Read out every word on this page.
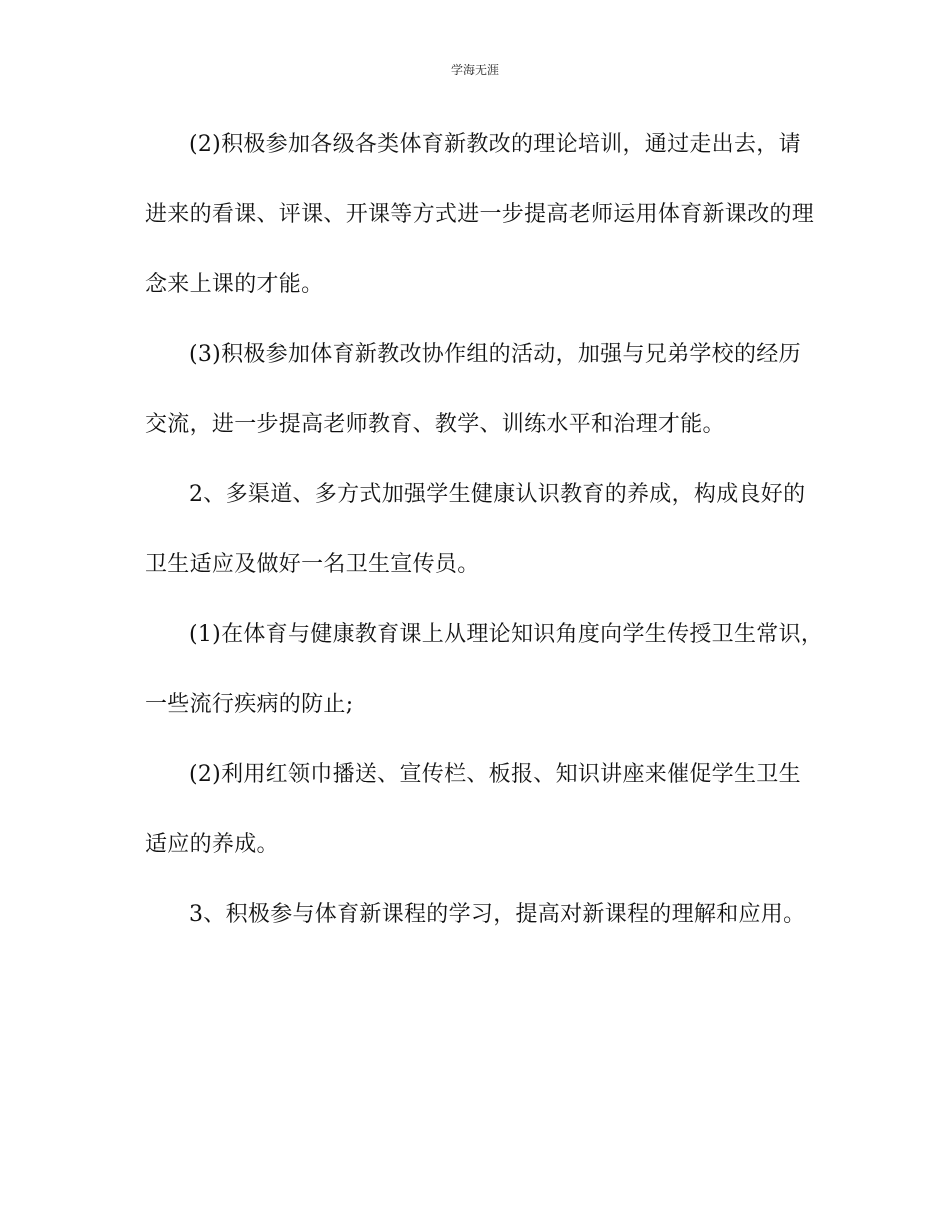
学海无涯
(2)积极参加各级各类体育新教改的理论培训，通过走出去，请
进来的看课、评课、开课等方式进一步提高老师运用体育新课改的理
念来上课的才能。
(3)积极参加体育新教改协作组的活动，加强与兄弟学校的经历
交流，进一步提高老师教育、教学、训练水平和治理才能。
2、多渠道、多方式加强学生健康认识教育的养成，构成良好的
卫生适应及做好一名卫生宣传员。
(1)在体育与健康教育课上从理论知识角度向学生传授卫生常识，
一些流行疾病的防止;
(2)利用红领巾播送、宣传栏、板报、知识讲座来催促学生卫生
适应的养成。
3、积极参与体育新课程的学习，提高对新课程的理解和应用。
